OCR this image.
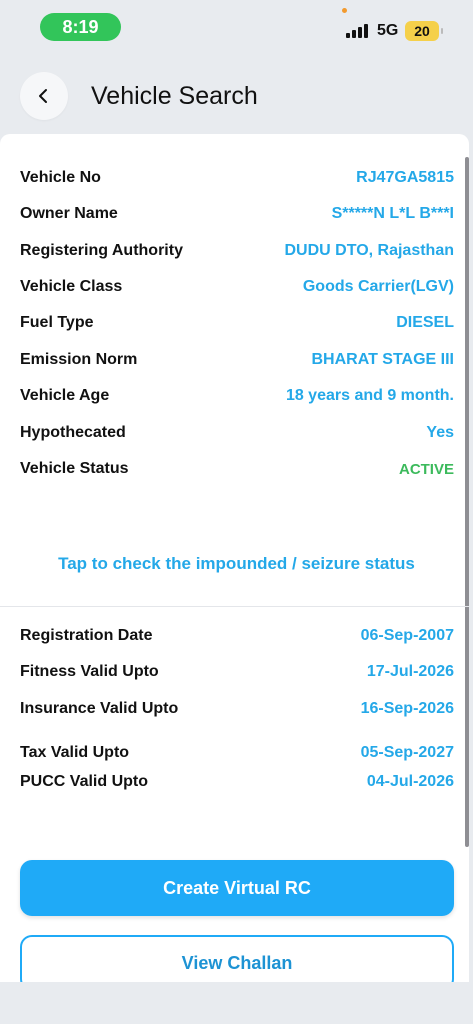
8:19	5G	20
Vehicle Search
Vehicle No	RJ47GA5815
Owner Name	S*****N L*L B***I
Registering Authority	DUDU DTO, Rajasthan
Vehicle Class	Goods Carrier(LGV)
Fuel Type	DIESEL
Emission Norm	BHARAT STAGE III
Vehicle Age	18 years and 9 month.
Hypothecated	Yes
Vehicle Status	ACTIVE
Tap to check the impounded / seizure status
Registration Date	06-Sep-2007
Fitness Valid Upto	17-Jul-2026
Insurance Valid Upto	16-Sep-2026
Tax Valid Upto	05-Sep-2027
PUCC Valid Upto	04-Jul-2026
Create Virtual RC
View Challan
